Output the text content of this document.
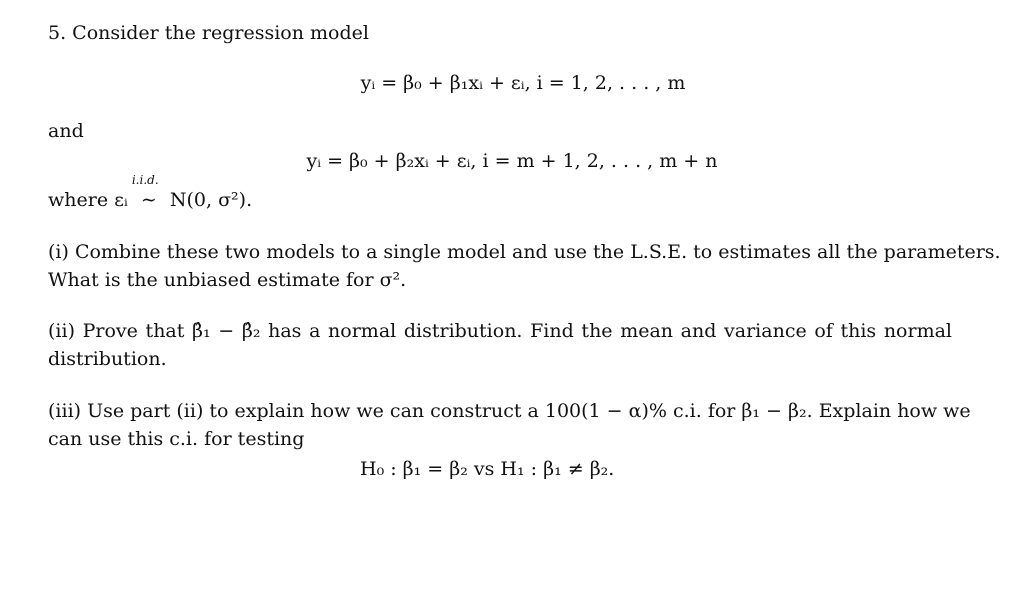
5. Consider the regression model
yᵢ = β₀ + β₁xᵢ + εᵢ, i = 1, 2, . . . , m
and
yᵢ = β₀ + β₂xᵢ + εᵢ, i = m + 1, 2, . . . , m + n
where εᵢ
i.i.d.
∼ N(0, σ²).
(i) Combine these two models to a single model and use the L.S.E. to estimates all the parameters.
What is the unbiased estimate for σ².
(ii) Prove that β̂₁ − β̂₂ has a normal distribution. Find the mean and variance of this normal
distribution.
(iii) Use part (ii) to explain how we can construct a 100(1 − α)% c.i. for β₁ − β₂. Explain how we
can use this c.i. for testing
H₀ : β₁ = β₂ vs H₁ : β₁ ≠ β₂.
